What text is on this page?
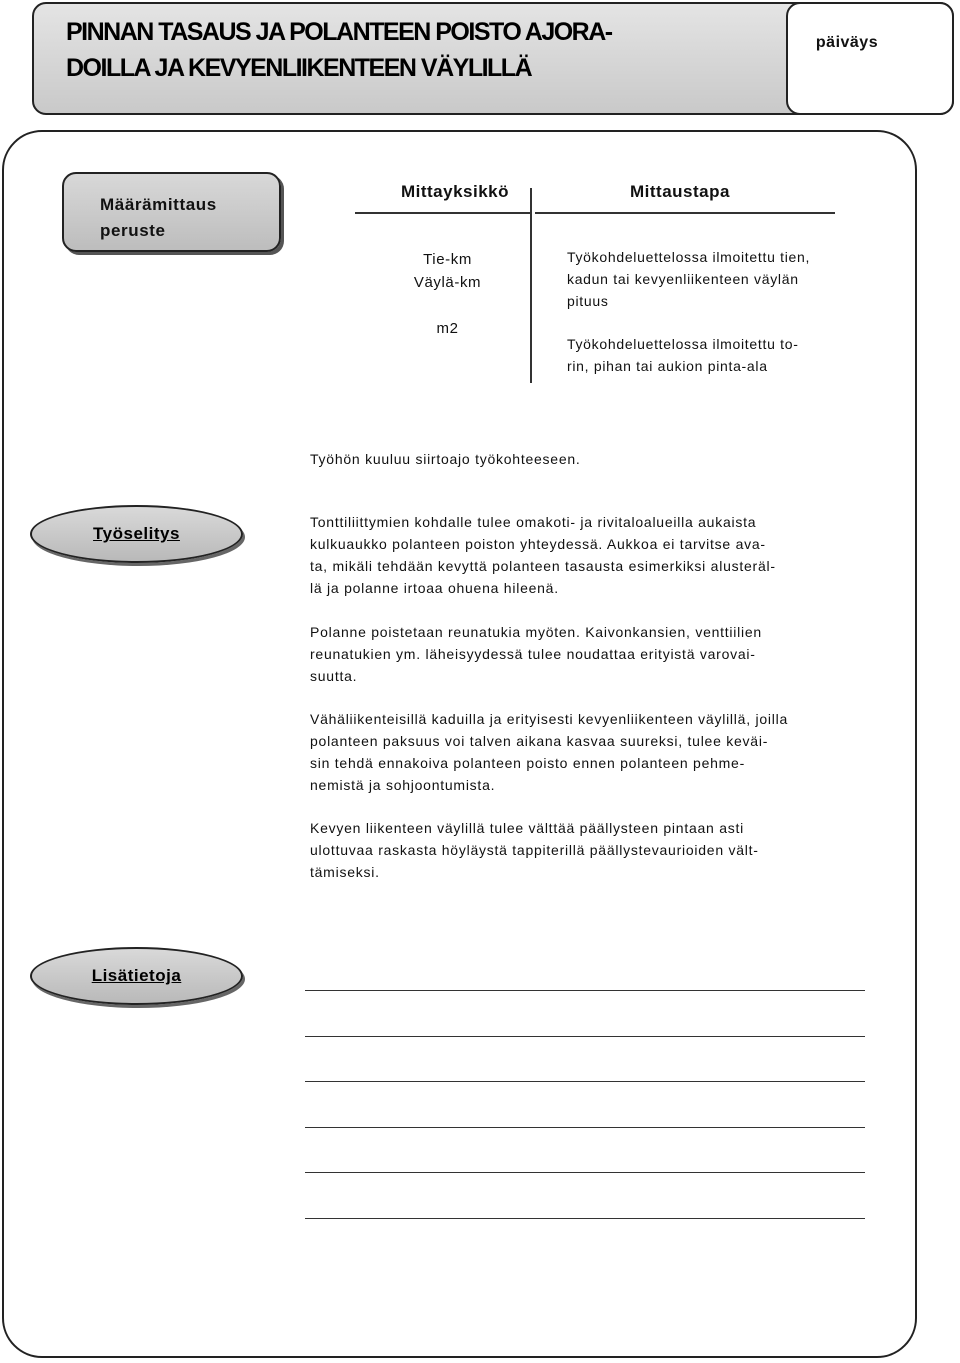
PINNAN TASAUS JA POLANTEEN POISTO AJORA-
DOILLA JA KEVYENLIIKENTEEN VÄYLILLÄ
päiväys
Määrämittaus
peruste
Mittayksikkö	Mittaustapa
Tie-km
Väylä-km
m2
Työkohdeluettelossa ilmoitettu tien,
kadun tai kevyenliikenteen väylän
pituus
Työkohdeluettelossa ilmoitettu to-
rin, pihan tai aukion pinta-ala
Työhön kuuluu siirtoajo työkohteeseen.
Työselitys
Tonttiliittymien kohdalle tulee omakoti- ja rivitaloalueilla aukaista
kulkuaukko polanteen poiston yhteydessä. Aukkoa ei tarvitse ava-
ta, mikäli tehdään kevyttä polanteen tasausta esimerkiksi alusteräl-
lä ja polanne irtoaa ohuena hileenä.
Polanne poistetaan reunatukia myöten. Kaivonkansien, venttiilien
reunatukien ym. läheisyydessä tulee noudattaa erityistä varovai-
suutta.
Vähäliikenteisillä kaduilla ja erityisesti kevyenliikenteen väylillä, joilla
polanteen paksuus voi talven aikana kasvaa suureksi, tulee keväi-
sin tehdä ennakoiva polanteen poisto ennen polanteen pehme-
nemistä ja sohjoontumista.
Kevyen liikenteen väylillä tulee välttää päällysteen pintaan asti
ulottuvaa raskasta höyläystä tappiterillä päällystevaurioiden vält-
tämiseksi.
Lisätietoja
